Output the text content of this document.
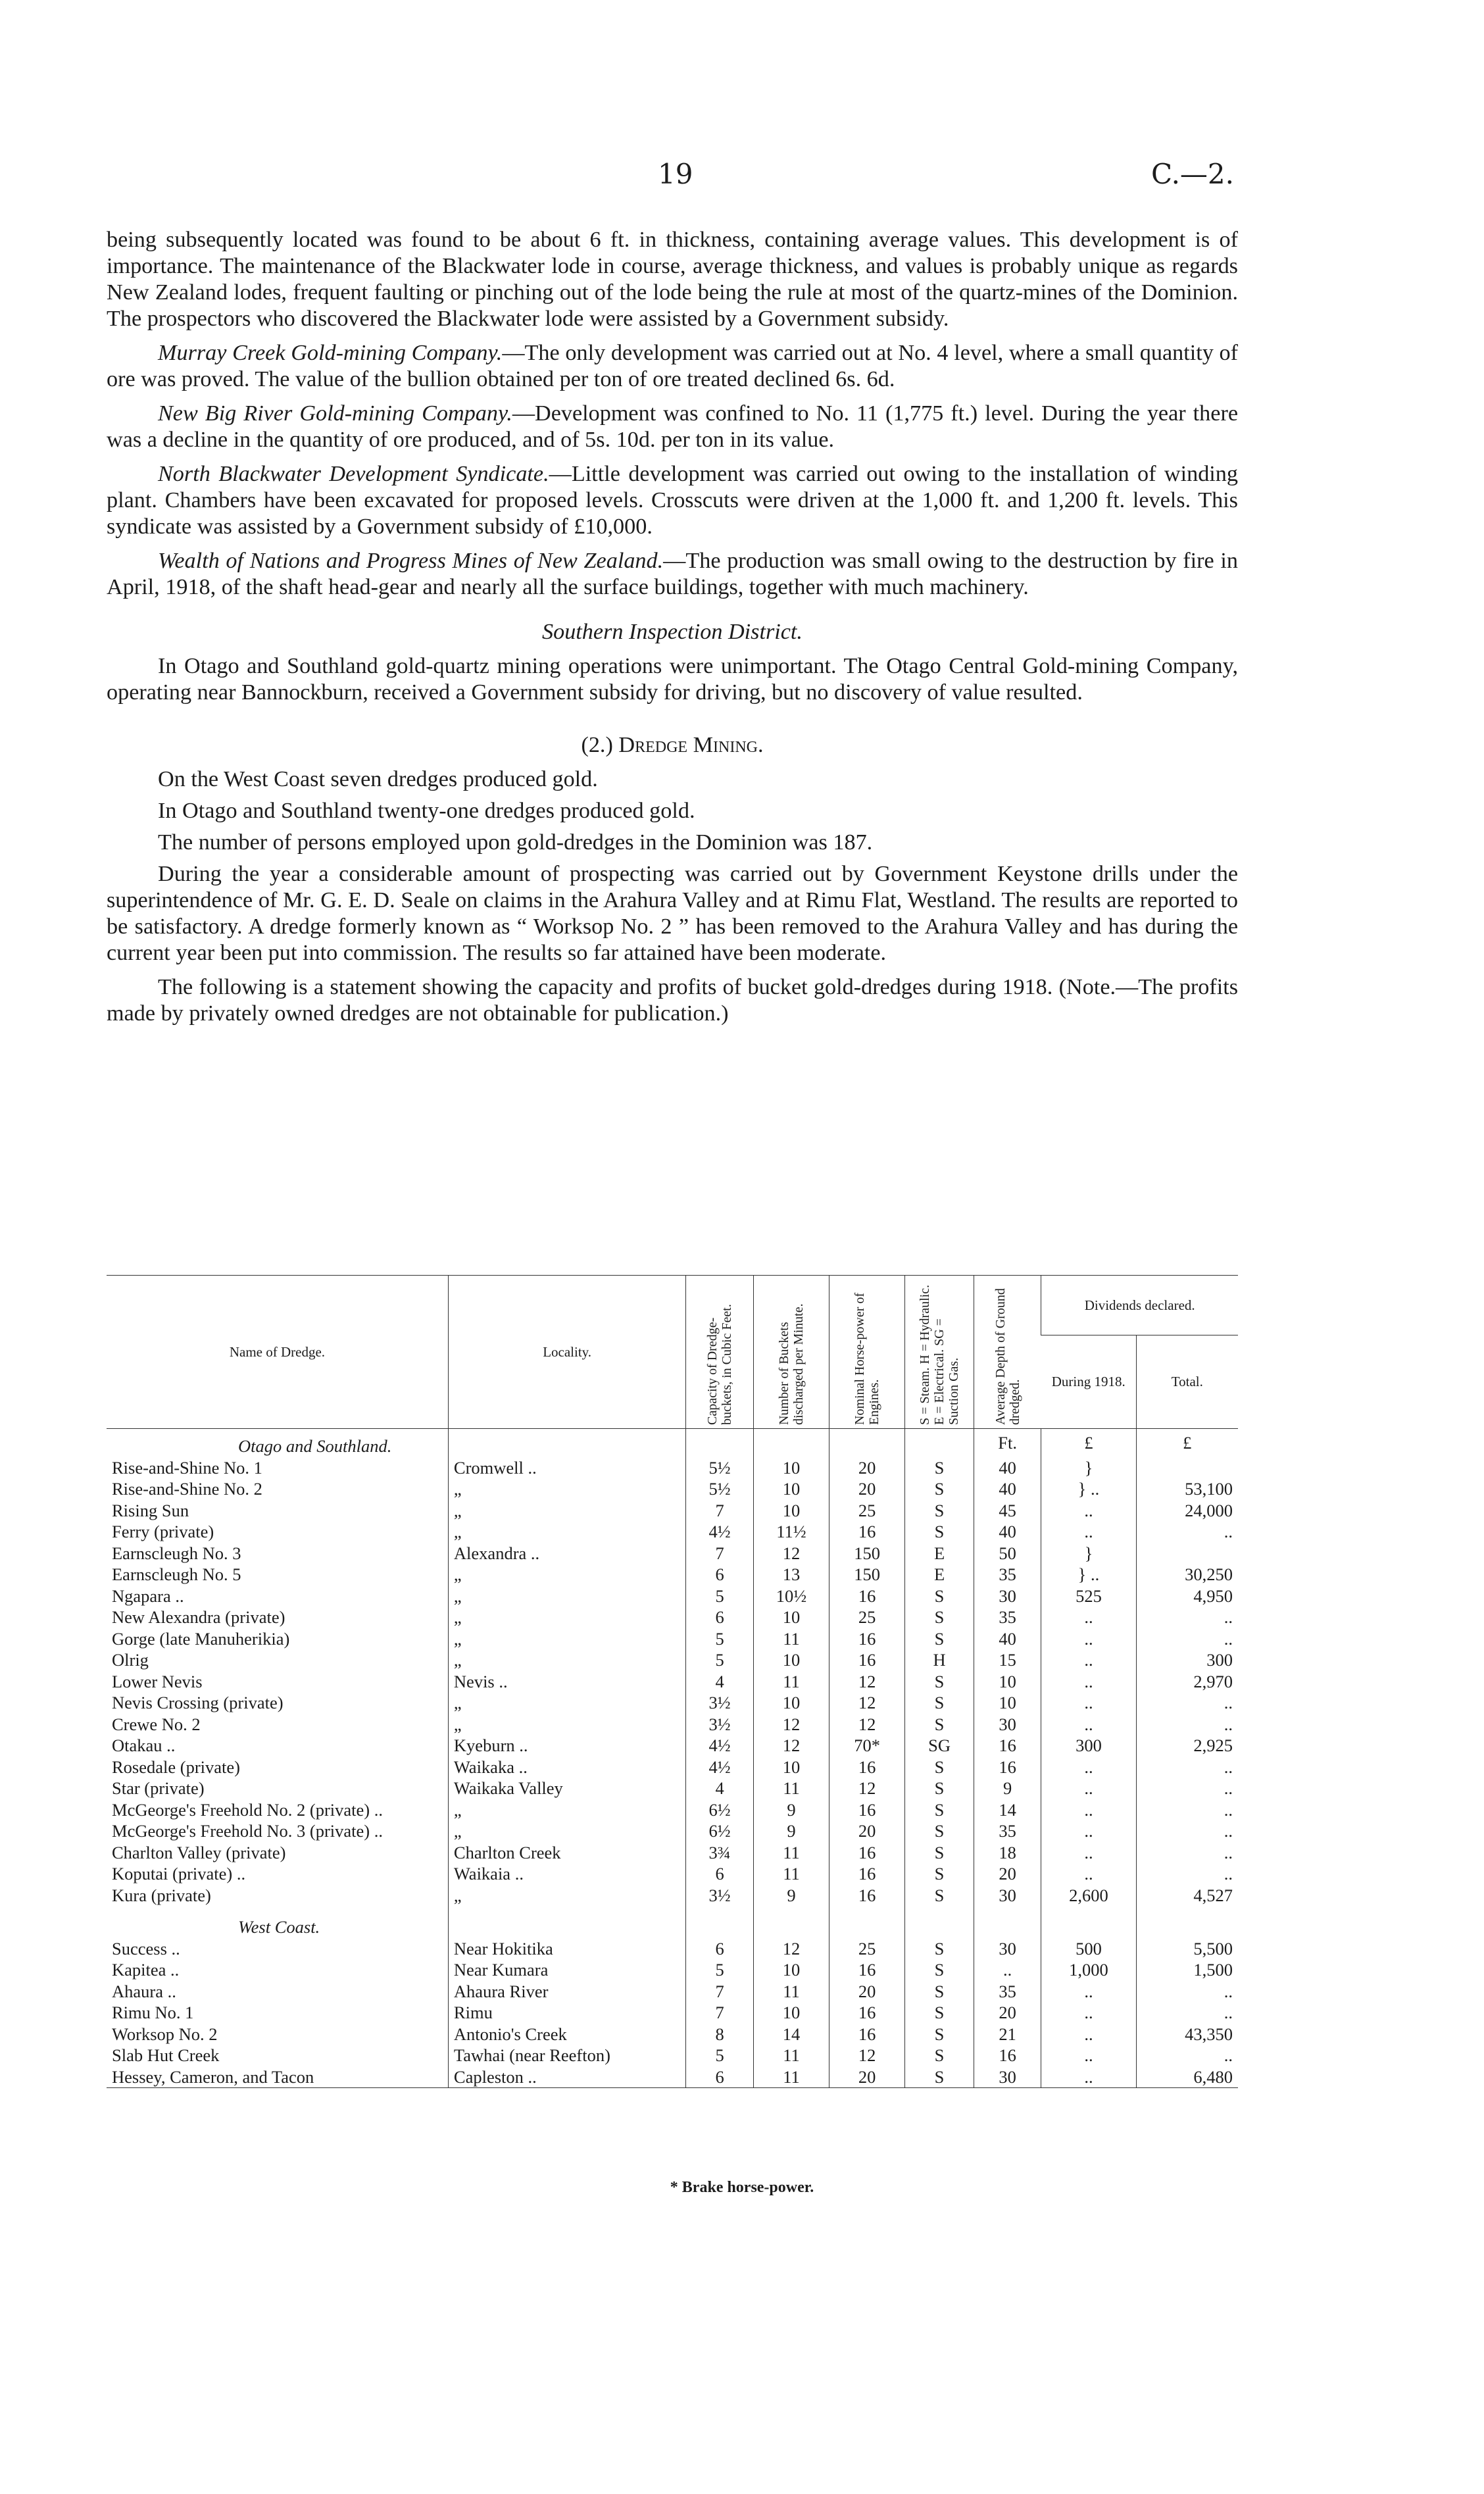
19	C.—2.

being subsequently located was found to be about 6 ft. in thickness, containing average values. This development is of importance. The maintenance of the Blackwater lode in course, average thickness, and values is probably unique as regards New Zealand lodes, frequent faulting or pinching out of the lode being the rule at most of the quartz-mines of the Dominion. The prospectors who discovered the Blackwater lode were assisted by a Government subsidy.

Murray Creek Gold-mining Company.—The only development was carried out at No. 4 level, where a small quantity of ore was proved. The value of the bullion obtained per ton of ore treated declined 6s. 6d.

New Big River Gold-mining Company.—Development was confined to No. 11 (1,775 ft.) level. During the year there was a decline in the quantity of ore produced, and of 5s. 10d. per ton in its value.

North Blackwater Development Syndicate.—Little development was carried out owing to the installation of winding plant. Chambers have been excavated for proposed levels. Crosscuts were driven at the 1,000 ft. and 1,200 ft. levels. This syndicate was assisted by a Government subsidy of £10,000.

Wealth of Nations and Progress Mines of New Zealand.—The production was small owing to the destruction by fire in April, 1918, of the shaft head-gear and nearly all the surface buildings, together with much machinery.

Southern Inspection District.

In Otago and Southland gold-quartz mining operations were unimportant. The Otago Central Gold-mining Company, operating near Bannockburn, received a Government subsidy for driving, but no discovery of value resulted.

(2.) Dredge Mining.

On the West Coast seven dredges produced gold.

In Otago and Southland twenty-one dredges produced gold.

The number of persons employed upon gold-dredges in the Dominion was 187.

During the year a considerable amount of prospecting was carried out by Government Keystone drills under the superintendence of Mr. G. E. D. Seale on claims in the Arahura Valley and at Rimu Flat, Westland. The results are reported to be satisfactory. A dredge formerly known as “ Worksop No. 2 ” has been removed to the Arahura Valley and has during the current year been put into commission. The results so far attained have been moderate.

The following is a statement showing the capacity and profits of bucket gold-dredges during 1918. (Note.—The profits made by privately owned dredges are not obtainable for publication.)

Name of Dredge.	Locality.	Capacity of Dredge-buckets, in Cubic Feet.	Number of Buckets discharged per Minute.	Nominal Horse-power of Engines.	S = Steam. H = Hydraulic. E = Electrical. SG = Suction Gas.	Average Depth of Ground dredged.	Dividends declared.	
							During 1918.	Total.
Otago and Southland.						Ft.	£	£
Rise-and-Shine No. 1	Cromwell ..	5½	10	20	S	40	}	
Rise-and-Shine No. 2	„	5½	10	20	S	40	} ..	53,100
Rising Sun	„	7	10	25	S	45	..	24,000
Ferry (private)	„	4½	11½	16	S	40	..	..
Earnscleugh No. 3	Alexandra ..	7	12	150	E	50	}	
Earnscleugh No. 5	„	6	13	150	E	35	} ..	30,250
Ngapara ..	„	5	10½	16	S	30	525	4,950
New Alexandra (private)	„	6	10	25	S	35	..	..
Gorge (late Manuherikia)	„	5	11	16	S	40	..	..
Olrig	„	5	10	16	H	15	..	300
Lower Nevis	Nevis ..	4	11	12	S	10	..	2,970
Nevis Crossing (private)	„	3½	10	12	S	10	..	..
Crewe No. 2	„	3½	12	12	S	30	..	..
Otakau ..	Kyeburn ..	4½	12	70*	SG	16	300	2,925
Rosedale (private)	Waikaka ..	4½	10	16	S	16	..	..
Star (private)	Waikaka Valley	4	11	12	S	9	..	..
McGeorge's Freehold No. 2 (private) ..	„	6½	9	16	S	14	..	..
McGeorge's Freehold No. 3 (private) ..	„	6½	9	20	S	35	..	..
Charlton Valley (private)	Charlton Creek	3¾	11	16	S	18	..	..
Koputai (private) ..	Waikaia ..	6	11	16	S	20	..	..
Kura (private)	„	3½	9	16	S	30	2,600	4,527

West Coast.								
Success ..	Near Hokitika	6	12	25	S	30	500	5,500
Kapitea ..	Near Kumara	5	10	16	S	..	1,000	1,500
Ahaura ..	Ahaura River	7	11	20	S	35	..	..
Rimu No. 1	Rimu	7	10	16	S	20	..	..
Worksop No. 2	Antonio's Creek	8	14	16	S	21	..	43,350
Slab Hut Creek	Tawhai (near Reefton)	5	11	12	S	16	..	..
Hessey, Cameron, and Tacon	Capleston ..	6	11	20	S	30	..	6,480
* Brake horse-power.
